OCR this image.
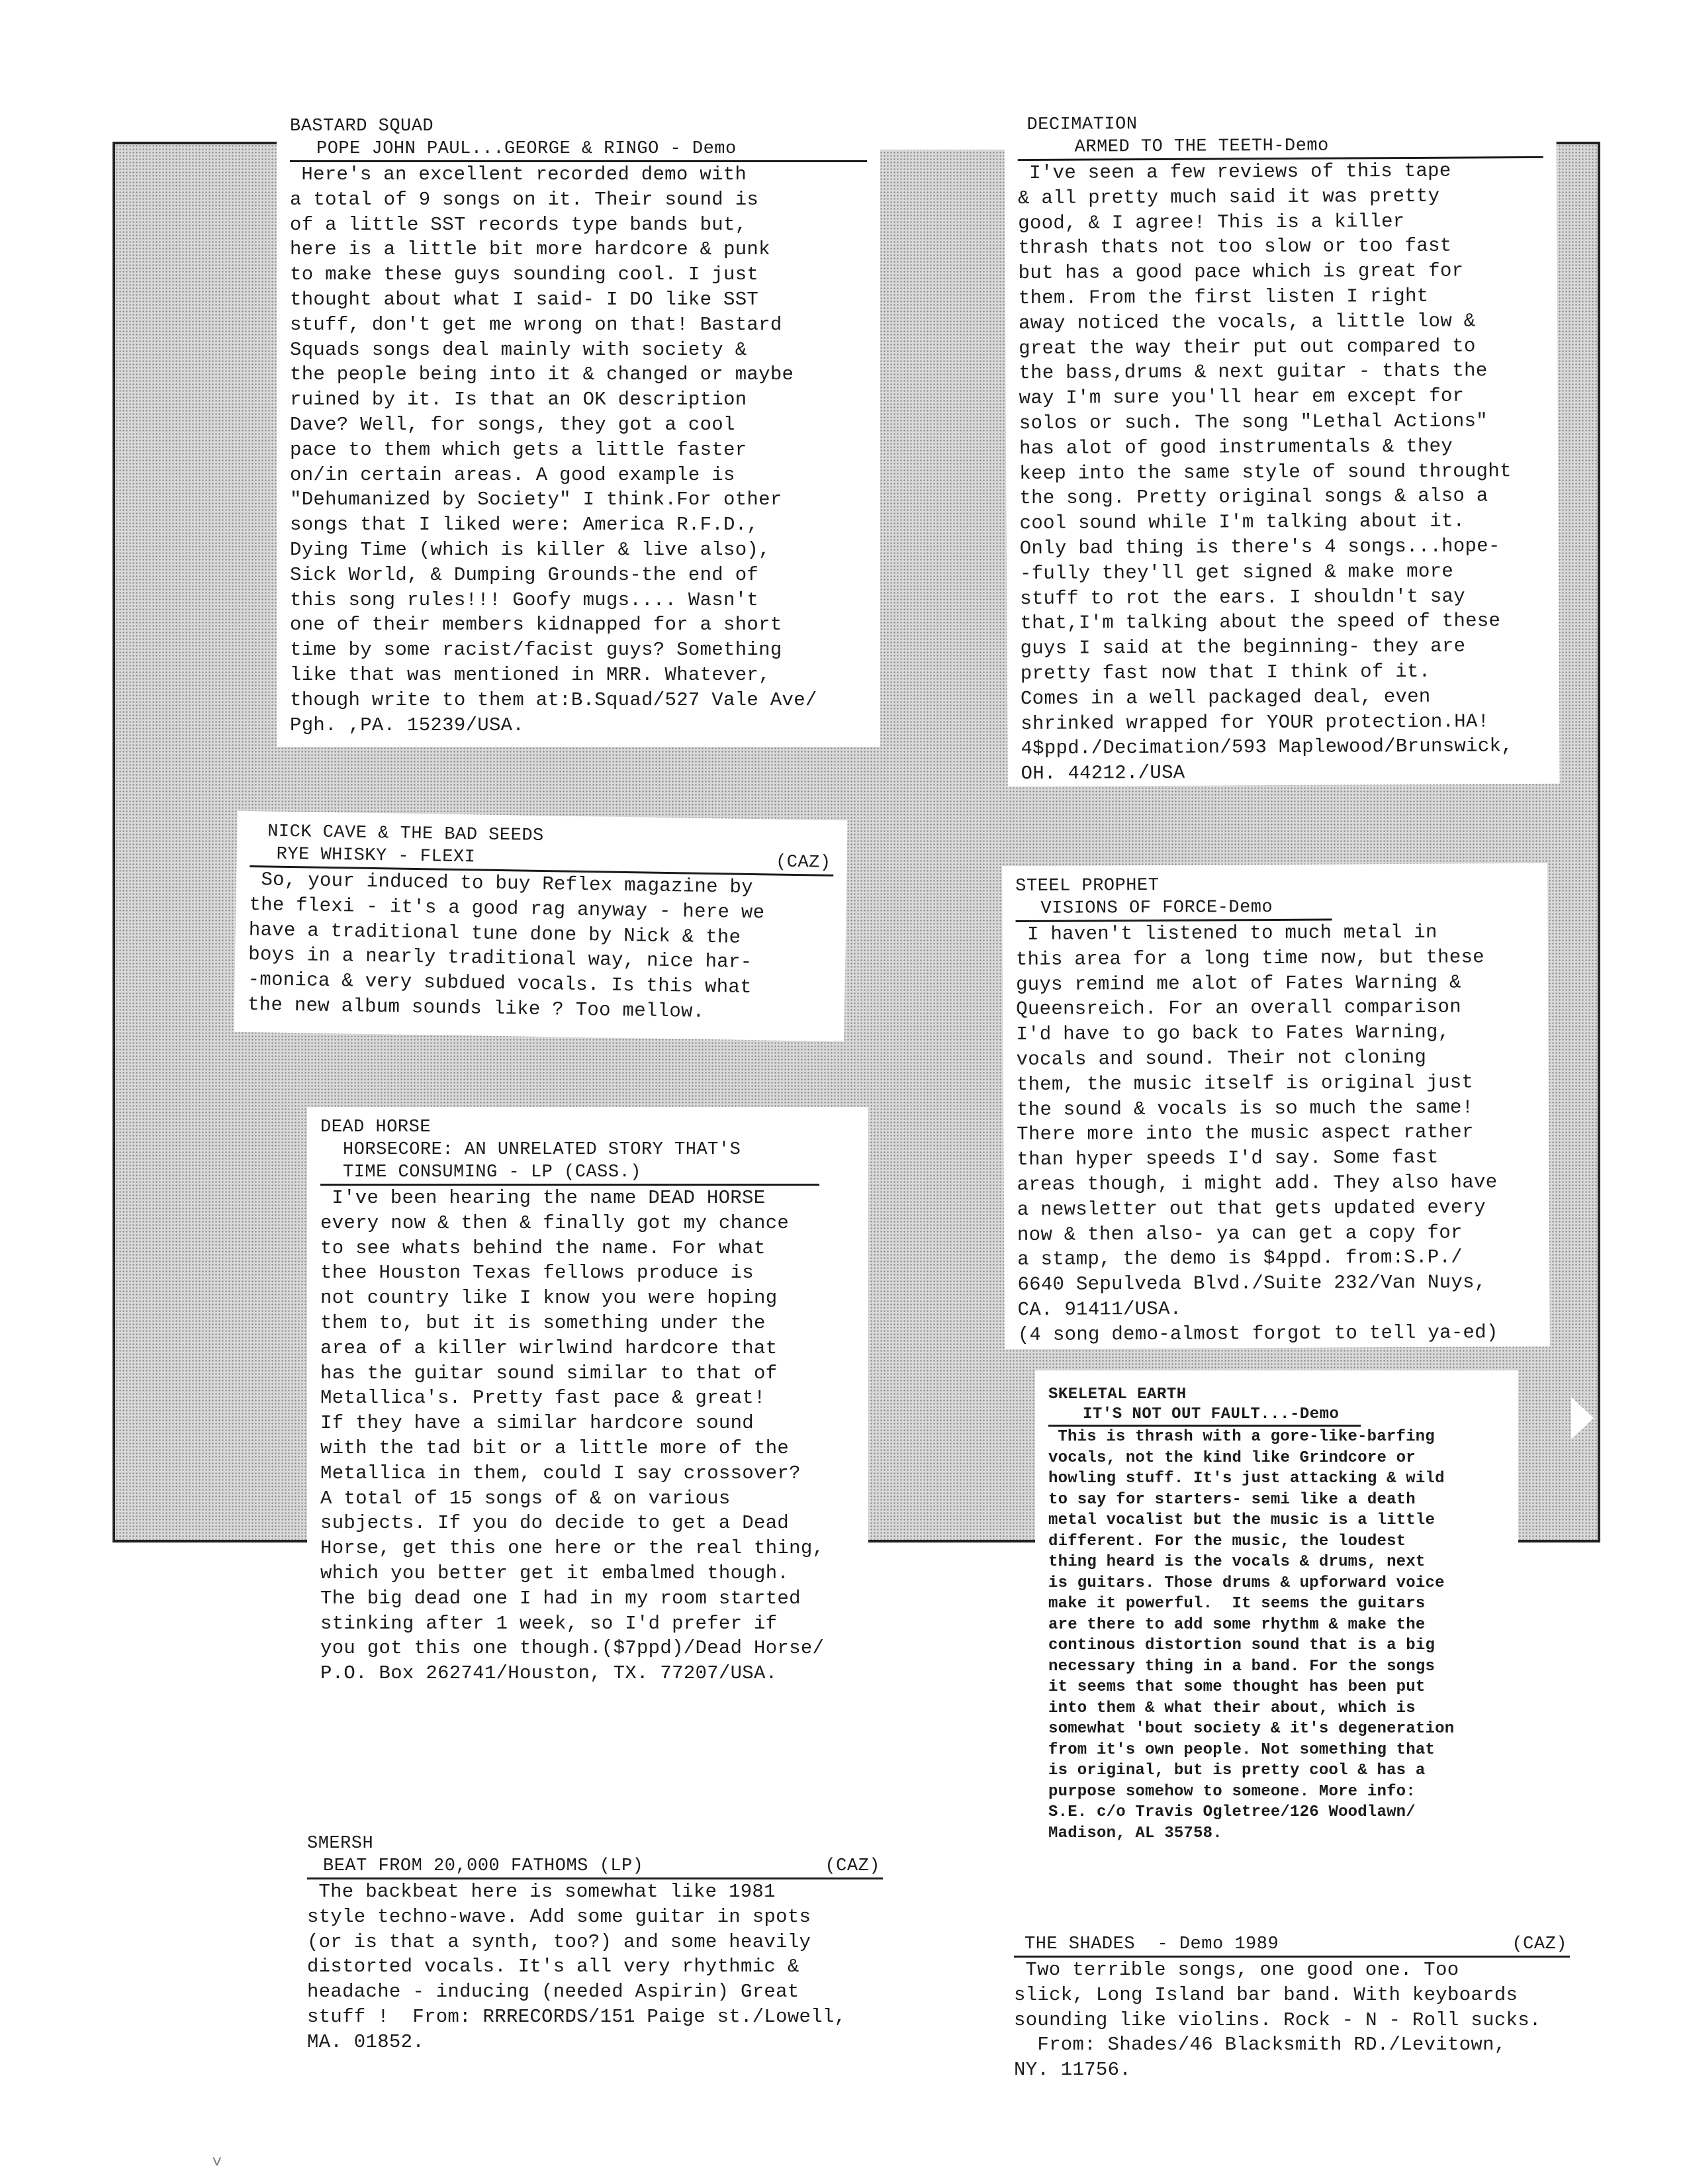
BASTARD SQUAD
POPE JOHN PAUL...GEORGE & RINGO - Demo
Here's an excellent recorded demo with
a total of 9 songs on it. Their sound is
of a little SST records type bands but,
here is a little bit more hardcore & punk
to make these guys sounding cool. I just
thought about what I said- I DO like SST
stuff, don't get me wrong on that! Bastard
Squads songs deal mainly with society &
the people being into it & changed or maybe
ruined by it. Is that an OK description
Dave? Well, for songs, they got a cool
pace to them which gets a little faster
on/in certain areas. A good example is
"Dehumanized by Society" I think.For other
songs that I liked were: America R.F.D.,
Dying Time (which is killer & live also),
Sick World, & Dumping Grounds-the end of
this song rules!!! Goofy mugs.... Wasn't
one of their members kidnapped for a short
time by some racist/facist guys? Something
like that was mentioned in MRR. Whatever,
though write to them at:B.Squad/527 Vale Ave/
Pgh. ,PA. 15239/USA.
DECIMATION
ARMED TO THE TEETH-Demo
I've seen a few reviews of this tape
& all pretty much said it was pretty
good, & I agree! This is a killer
thrash thats not too slow or too fast
but has a good pace which is great for
them. From the first listen I right
away noticed the vocals, a little low &
great the way their put out compared to
the bass,drums & next guitar - thats the
way I'm sure you'll hear em except for
solos or such. The song "Lethal Actions"
has alot of good instrumentals & they
keep into the same style of sound throught
the song. Pretty original songs & also a
cool sound while I'm talking about it.
Only bad thing is there's 4 songs...hope-
-fully they'll get signed & make more
stuff to rot the ears. I shouldn't say
that,I'm talking about the speed of these
guys I said at the beginning- they are
pretty fast now that I think of it.
Comes in a well packaged deal, even
shrinked wrapped for YOUR protection.HA!
4$ppd./Decimation/593 Maplewood/Brunswick,
OH. 44212./USA
NICK CAVE & THE BAD SEEDS
RYE WHISKY - FLEXI	(CAZ)
So, your induced to buy Reflex magazine by
the flexi - it's a good rag anyway - here we
have a traditional tune done by Nick & the
boys in a nearly traditional way, nice har-
-monica & very subdued vocals. Is this what
the new album sounds like ? Too mellow.
STEEL PROPHET
VISIONS OF FORCE-Demo
I haven't listened to much metal in
this area for a long time now, but these
guys remind me alot of Fates Warning &
Queensreich. For an overall comparison
I'd have to go back to Fates Warning,
vocals and sound. Their not cloning
them, the music itself is original just
the sound & vocals is so much the same!
There more into the music aspect rather
than hyper speeds I'd say. Some fast
areas though, i might add. They also have
a newsletter out that gets updated every
now & then also- ya can get a copy for
a stamp, the demo is $4ppd. from:S.P./
6640 Sepulveda Blvd./Suite 232/Van Nuys,
CA. 91411/USA.
(4 song demo-almost forgot to tell ya-ed)
DEAD HORSE
HORSECORE: AN UNRELATED STORY THAT'S
TIME CONSUMING - LP (CASS.)
I've been hearing the name DEAD HORSE
every now & then & finally got my chance
to see whats behind the name. For what
thee Houston Texas fellows produce is
not country like I know you were hoping
them to, but it is something under the
area of a killer wirlwind hardcore that
has the guitar sound similar to that of
Metallica's. Pretty fast pace & great!
If they have a similar hardcore sound
with the tad bit or a little more of the
Metallica in them, could I say crossover?
A total of 15 songs of & on various
subjects. If you do decide to get a Dead
Horse, get this one here or the real thing,
which you better get it embalmed though.
The big dead one I had in my room started
stinking after 1 week, so I'd prefer if
you got this one though.($7ppd)/Dead Horse/
P.O. Box 262741/Houston, TX. 77207/USA.
SKELETAL EARTH
IT'S NOT OUT FAULT...-Demo
This is thrash with a gore-like-barfing
vocals, not the kind like Grindcore or
howling stuff. It's just attacking & wild
to say for starters- semi like a death
metal vocalist but the music is a little
different. For the music, the loudest
thing heard is the vocals & drums, next
is guitars. Those drums & upforward voice
make it powerful.  It seems the guitars
are there to add some rhythm & make the
continous distortion sound that is a big
necessary thing in a band. For the songs
it seems that some thought has been put
into them & what their about, which is
somewhat 'bout society & it's degeneration
from it's own people. Not something that
is original, but is pretty cool & has a
purpose somehow to someone. More info:
S.E. c/o Travis Ogletree/126 Woodlawn/
Madison, AL 35758.
SMERSH
BEAT FROM 20,000 FATHOMS (LP)	(CAZ)
The backbeat here is somewhat like 1981
style techno-wave. Add some guitar in spots
(or is that a synth, too?) and some heavily
distorted vocals. It's all very rhythmic &
headache - inducing (needed Aspirin) Great
stuff !  From: RRRECORDS/151 Paige st./Lowell,
MA. 01852.
THE SHADES - Demo 1989	(CAZ)
Two terrible songs, one good one. Too
slick, Long Island bar band. With keyboards
sounding like violins. Rock - N - Roll sucks.
From: Shades/46 Blacksmith RD./Levitown,
NY. 11756.
˅
